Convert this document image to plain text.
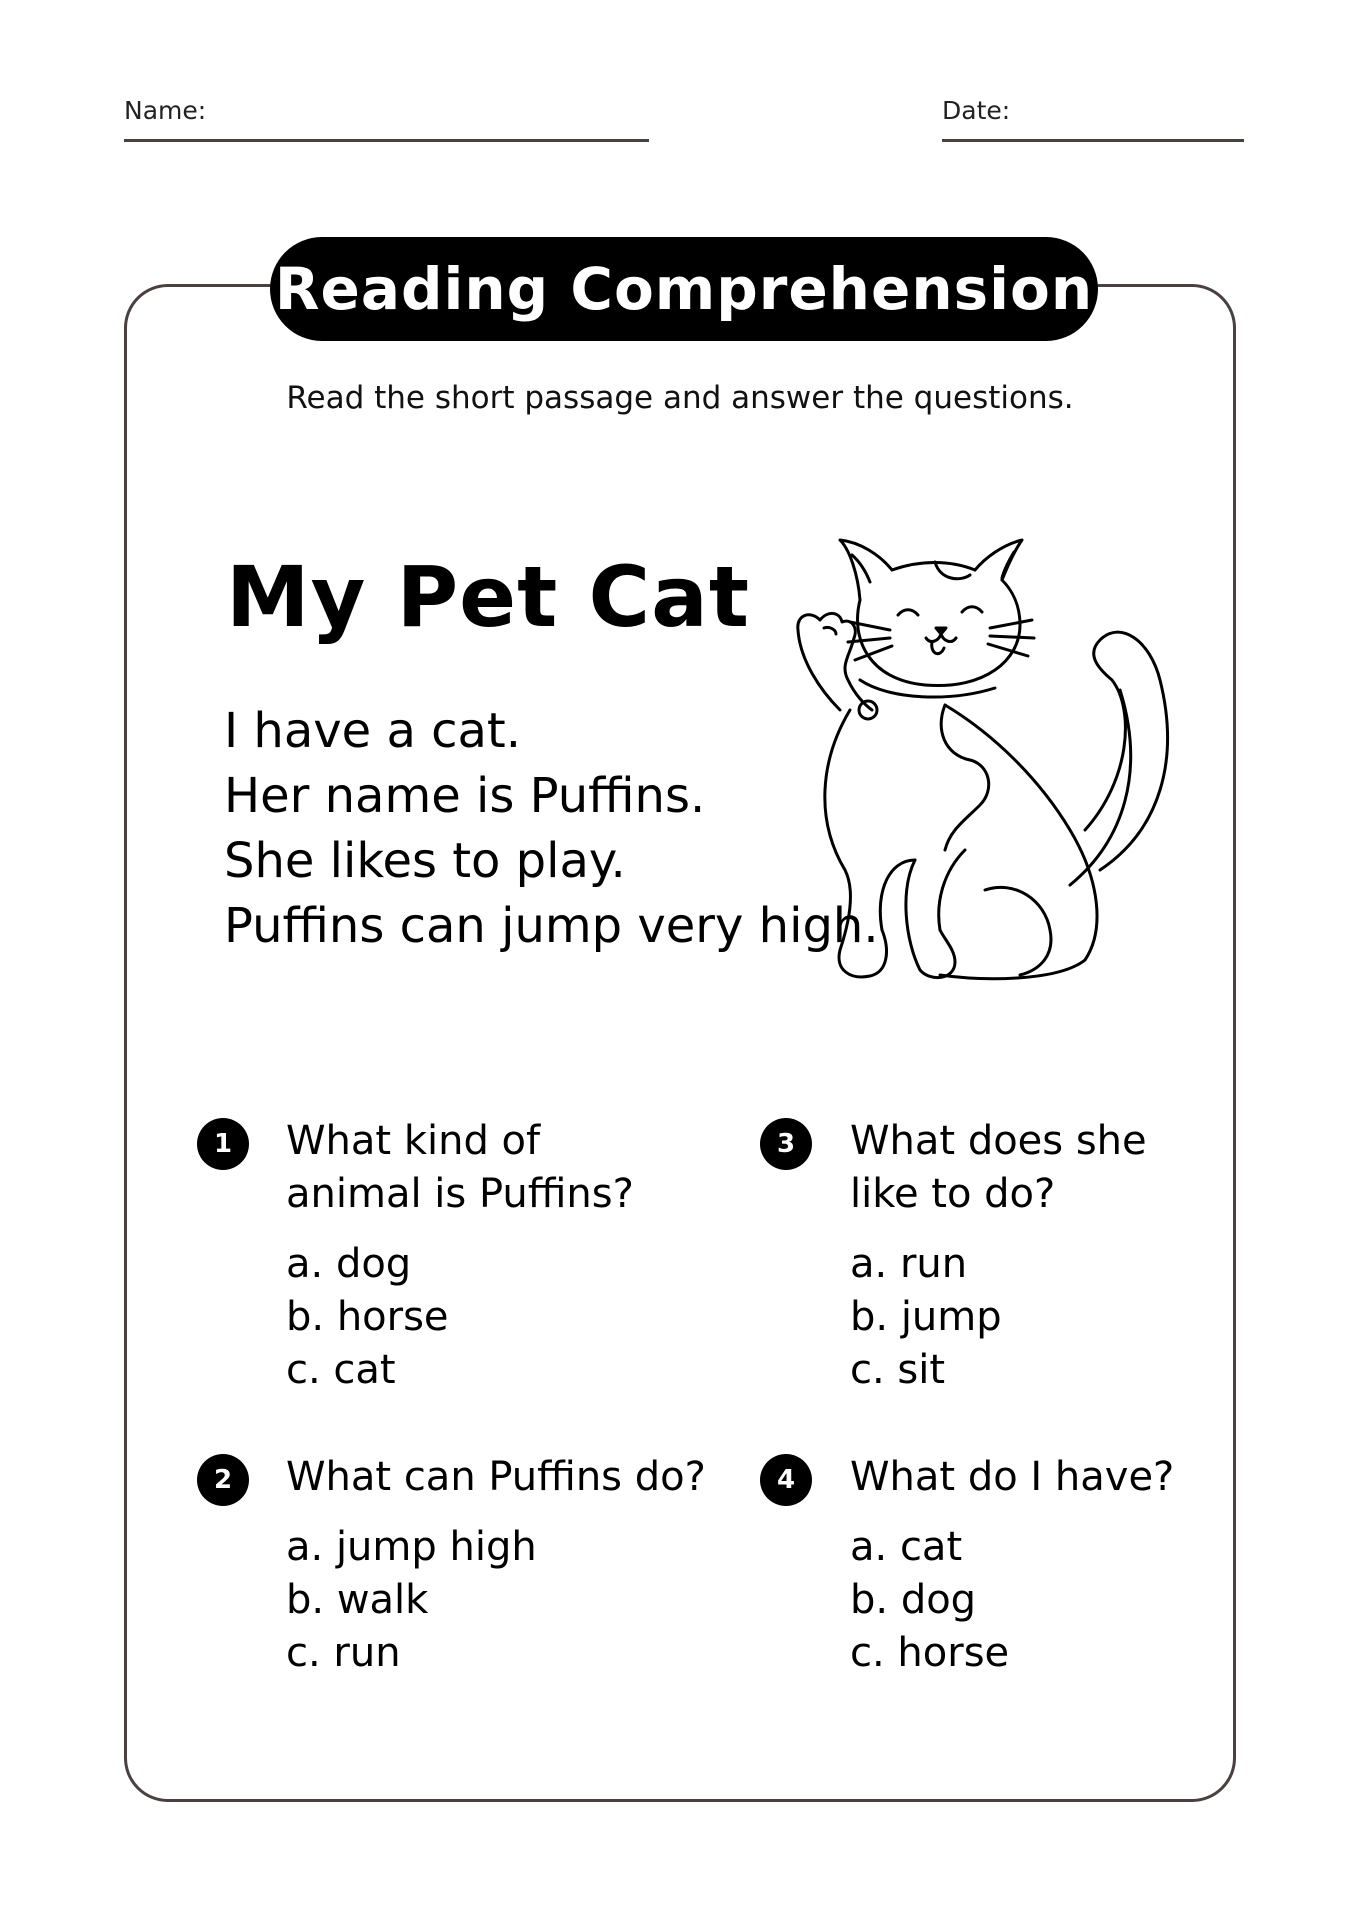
Name:	Date:
Reading Comprehension
Read the short passage and answer the questions.
My Pet Cat
I have a cat.
Her name is Puffins.
She likes to play.
Puffins can jump very high.
1	What kind of
animal is Puffins?
a. dog
b. horse
c. cat
2	What can Puffins do?
a. jump high
b. walk
c. run
3	What does she
like to do?
a. run
b. jump
c. sit
4	What do I have?
a. cat
b. dog
c. horse
